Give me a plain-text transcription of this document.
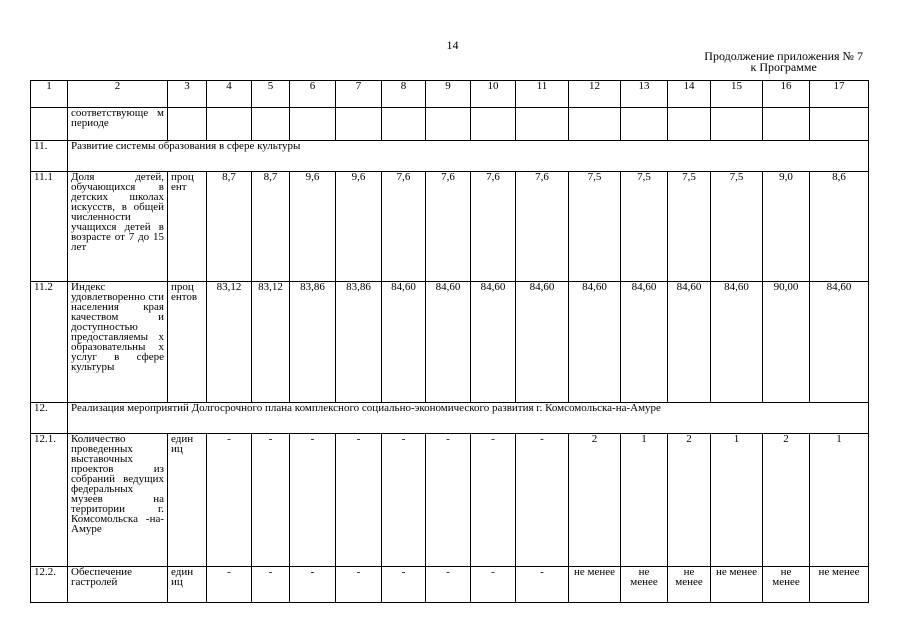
14
Продолжение приложения № 7
к Программе
1	2	3	4	5	6	7	8	9	10	11	12	13	14	15	16	17
	соответствующе м периоде															
11.	Развитие системы образования в сфере культуры															
11.1	Доля детей, обучающихся в детских школах искусств, в общей численности учащихся детей в возрасте от 7 до 15 лет	проц ент	8,7	8,7	9,6	9,6	7,6	7,6	7,6	7,6	7,5	7,5	7,5	7,5	9,0	8,6
11.2	Индекс удовлетворенно сти населения края качеством и доступностью предоставляемы х образовательны х услуг в сфере культуры	проц ентов	83,12	83,12	83,86	83,86	84,60	84,60	84,60	84,60	84,60	84,60	84,60	84,60	90,00	84,60
12.	Реализация мероприятий Долгосрочного плана комплексного социально-экономического развития г. Комсомольска-на-Амуре															
12.1.	Количество проведенных выставочных проектов из собраний ведущих федеральных музеев на территории г. Комсомольска -на-Амуре	един иц	-	-	-	-	-	-	-	-	2	1	2	1	2	1
12.2.	Обеспечение гастролей	един иц	-	-	-	-	-	-	-	-	не менее	не менее	не менее	не менее	не менее	не менее
